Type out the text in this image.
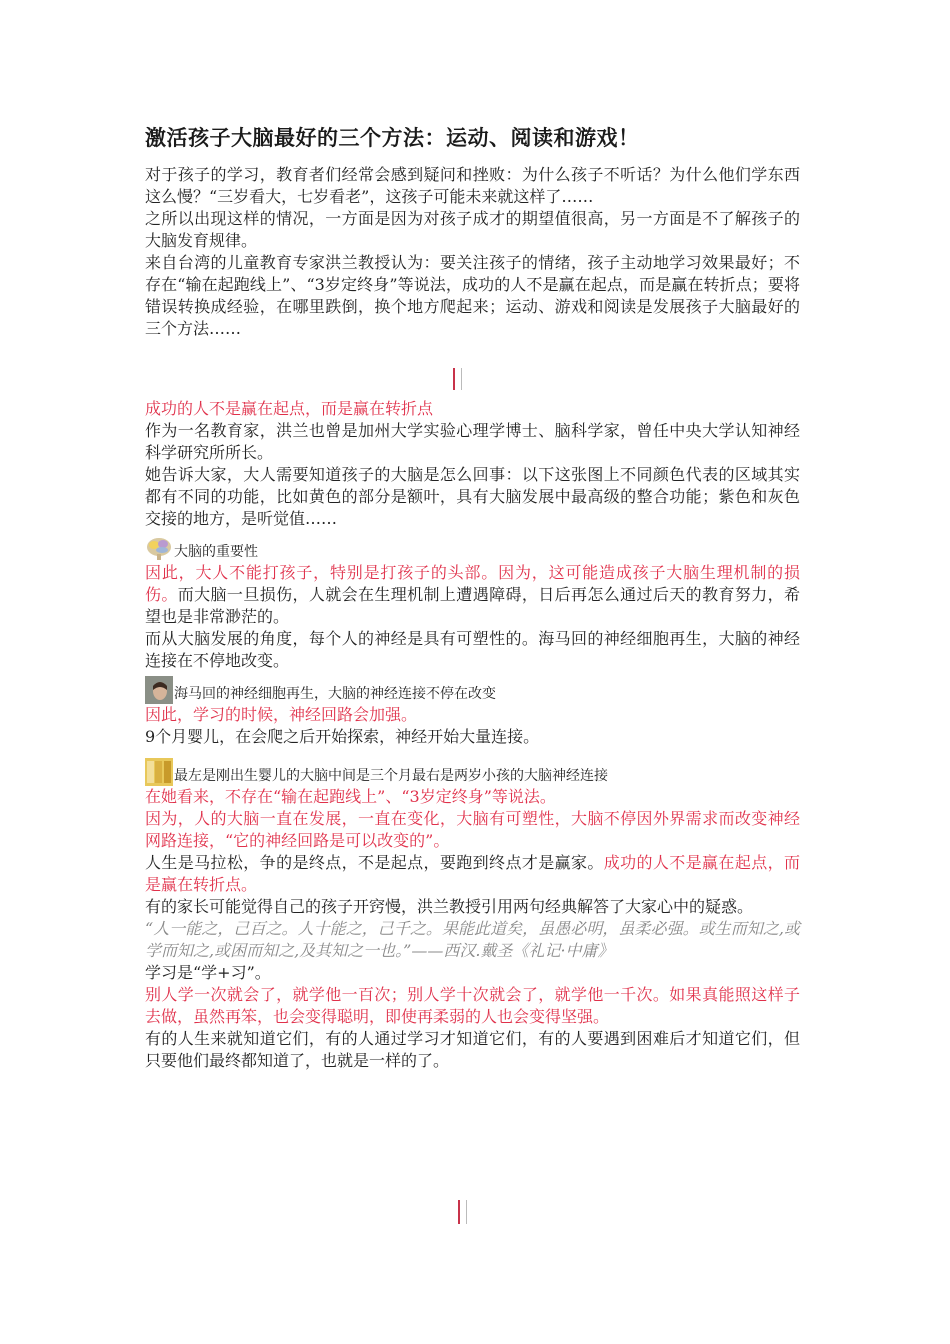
激活孩子大脑最好的三个方法：运动、阅读和游戏！

对于孩子的学习，教育者们经常会感到疑问和挫败：为什么孩子不听话？为什么他们学东西这么慢？“三岁看大，七岁看老”，这孩子可能未来就这样了……

之所以出现这样的情况，一方面是因为对孩子成才的期望值很高，另一方面是不了解孩子的大脑发育规律。

来自台湾的儿童教育专家洪兰教授认为：要关注孩子的情绪，孩子主动地学习效果最好；不存在“输在起跑线上”、“3岁定终身”等说法，成功的人不是赢在起点，而是赢在转折点；要将错误转换成经验，在哪里跌倒，换个地方爬起来；运动、游戏和阅读是发展孩子大脑最好的三个方法……

成功的人不是赢在起点，而是赢在转折点

作为一名教育家，洪兰也曾是加州大学实验心理学博士、脑科学家，曾任中央大学认知神经科学研究所所长。

她告诉大家，大人需要知道孩子的大脑是怎么回事：以下这张图上不同颜色代表的区域其实都有不同的功能，比如黄色的部分是额叶，具有大脑发展中最高级的整合功能；紫色和灰色交接的地方，是听觉值……

大脑的重要性

因此，大人不能打孩子，特别是打孩子的头部。因为，这可能造成孩子大脑生理机制的损伤。而大脑一旦损伤，人就会在生理机制上遭遇障碍，日后再怎么通过后天的教育努力，希望也是非常渺茫的。

而从大脑发展的角度，每个人的神经是具有可塑性的。海马回的神经细胞再生，大脑的神经连接在不停地改变。

海马回的神经细胞再生，大脑的神经连接不停在改变

因此，学习的时候，神经回路会加强。

9个月婴儿，在会爬之后开始探索，神经开始大量连接。

最左是刚出生婴儿的大脑中间是三个月最右是两岁小孩的大脑神经连接

在她看来，不存在“输在起跑线上”、“3岁定终身”等说法。

因为，人的大脑一直在发展，一直在变化，大脑有可塑性，大脑不停因外界需求而改变神经网路连接，“它的神经回路是可以改变的”。

人生是马拉松，争的是终点，不是起点，要跑到终点才是赢家。成功的人不是赢在起点，而是赢在转折点。

有的家长可能觉得自己的孩子开窍慢，洪兰教授引用两句经典解答了大家心中的疑惑。

“人一能之，己百之。人十能之，己千之。果能此道矣，虽愚必明，虽柔必强。或生而知之,或学而知之,或困而知之,及其知之一也。”——西汉.戴圣《礼记·中庸》

学习是“学+习”。

别人学一次就会了，就学他一百次；别人学十次就会了，就学他一千次。如果真能照这样子去做，虽然再笨，也会变得聪明，即使再柔弱的人也会变得坚强。

有的人生来就知道它们，有的人通过学习才知道它们，有的人要遇到困难后才知道它们，但只要他们最终都知道了，也就是一样的了。
